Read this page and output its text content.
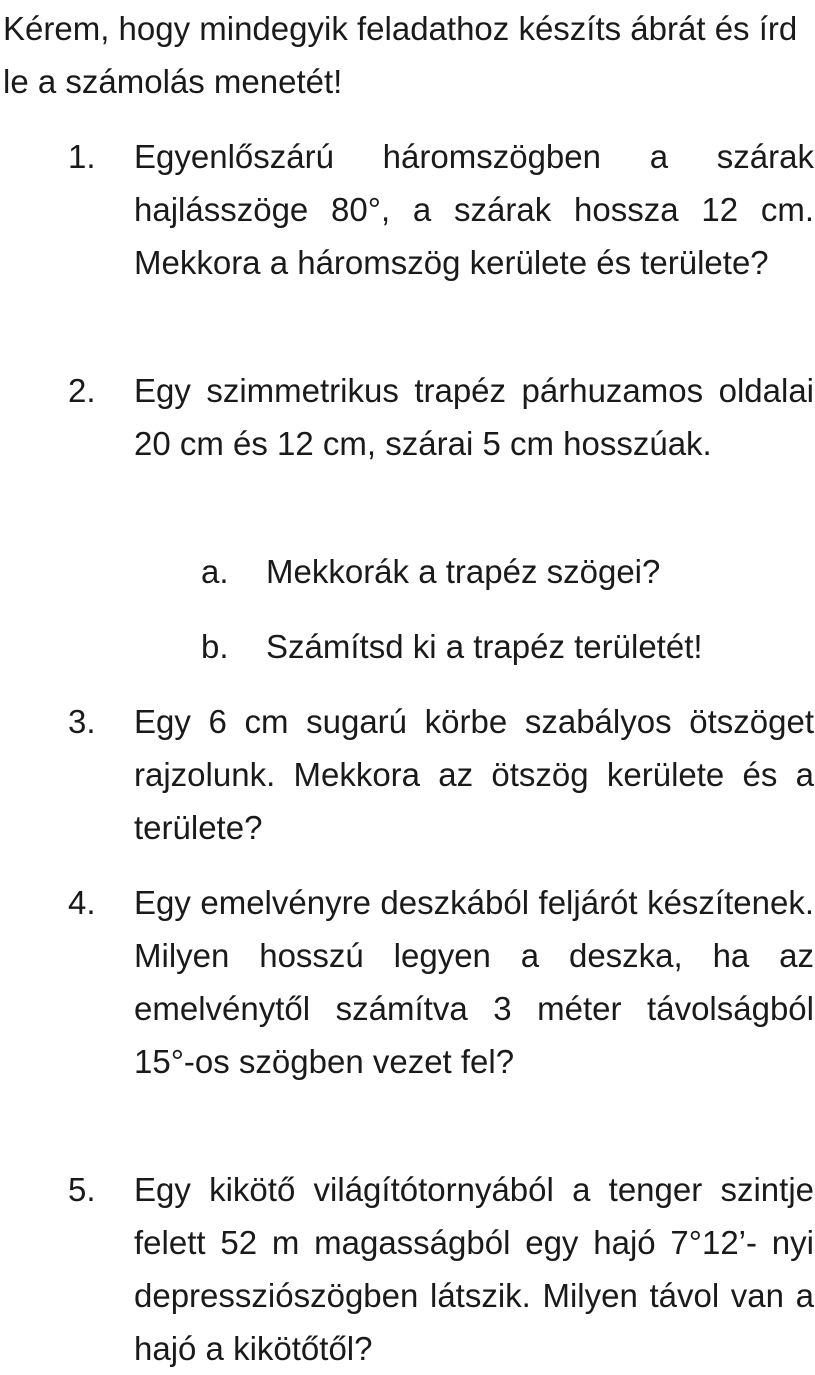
Kérem, hogy mindegyik feladathoz készíts ábrát és írd le a számolás menetét!

1. Egyenlőszárú háromszögben a szárak hajlásszöge 80°, a szárak hossza 12 cm. Mekkora a háromszög kerülete és területe?
2. Egy szimmetrikus trapéz párhuzamos oldalai 20 cm és 12 cm, szárai 5 cm hosszúak.
a. Mekkorák a trapéz szögei?
b. Számítsd ki a trapéz területét!
3. Egy 6 cm sugarú körbe szabályos ötszöget rajzolunk. Mekkora az ötszög kerülete és a területe?
4. Egy emelvényre deszkából feljárót készítenek. Milyen hosszú legyen a deszka, ha az emelvénytől számítva 3 méter távolságból 15°-os szögben vezet fel?
5. Egy kikötő világítótornyából a tenger szintje felett 52 m magasságból egy hajó 7°12’- nyi depressziószögben látszik. Milyen távol van a hajó a kikötőtől?
